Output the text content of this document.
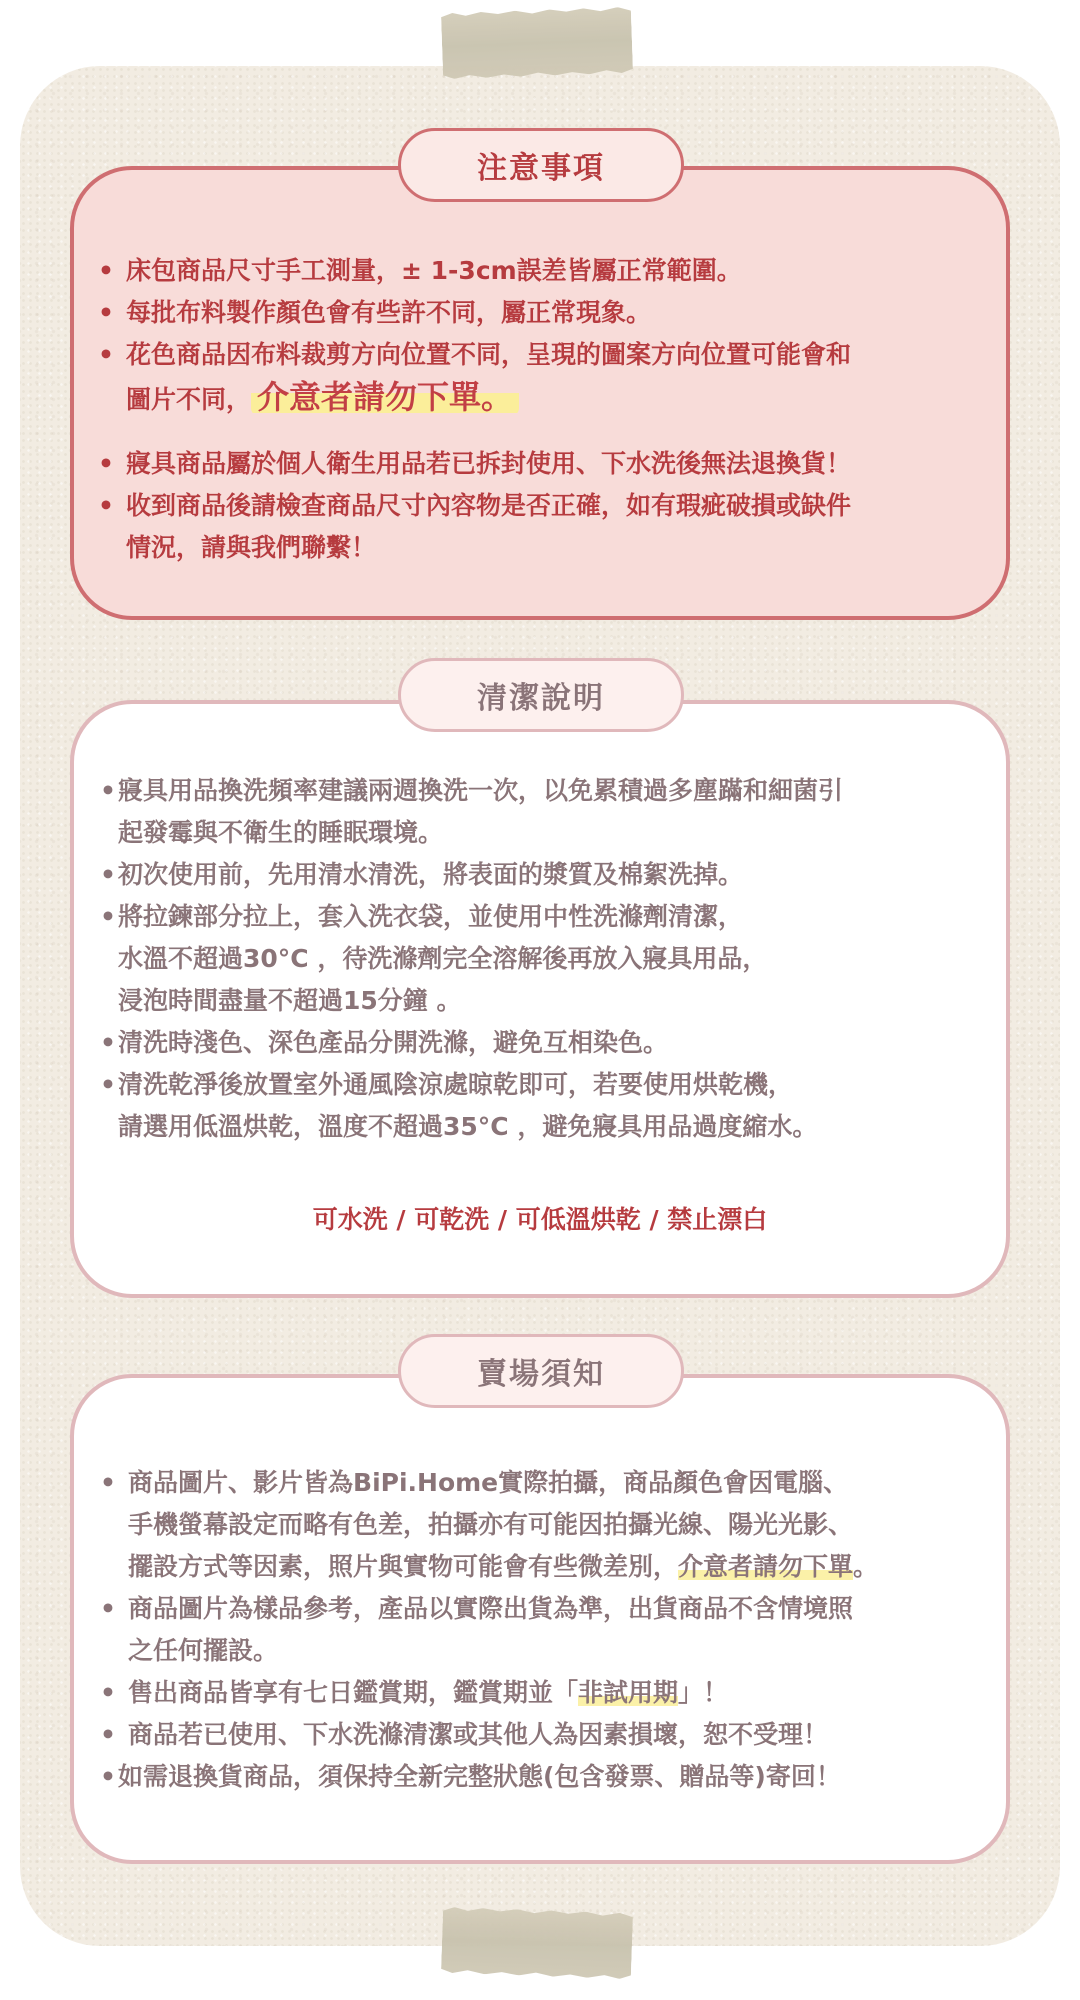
注意事項
• 床包商品尺寸手工測量，± 1-3cm誤差皆屬正常範圍。
• 每批布料製作顏色會有些許不同，屬正常現象。
• 花色商品因布料裁剪方向位置不同，呈現的圖案方向位置可能會和
圖片不同， 介意者請勿下單。
• 寢具商品屬於個人衛生用品若已拆封使用、下水洗後無法退換貨！
• 收到商品後請檢查商品尺寸內容物是否正確，如有瑕疵破損或缺件
情況，請與我們聯繫！
清潔說明
• 寢具用品換洗頻率建議兩週換洗一次，以免累積過多塵蹣和細菌引
起發霉與不衛生的睡眠環境。
• 初次使用前，先用清水清洗，將表面的漿質及棉絮洗掉。
• 將拉鍊部分拉上，套入洗衣袋，並使用中性洗滌劑清潔，
水溫不超過30°C ，待洗滌劑完全溶解後再放入寢具用品，
浸泡時間盡量不超過15分鐘 。
• 清洗時淺色、深色產品分開洗滌，避免互相染色。
• 清洗乾淨後放置室外通風陰涼處晾乾即可，若要使用烘乾機，
請選用低溫烘乾，溫度不超過35°C ，避免寢具用品過度縮水。
可水洗 / 可乾洗 / 可低溫烘乾 / 禁止漂白
賣場須知
• 商品圖片、影片皆為BiPi.Home實際拍攝，商品顏色會因電腦、
手機螢幕設定而略有色差，拍攝亦有可能因拍攝光線、陽光光影、
擺設方式等因素，照片與實物可能會有些微差別，介意者請勿下單。
• 商品圖片為樣品參考，產品以實際出貨為準，出貨商品不含情境照
之任何擺設。
• 售出商品皆享有七日鑑賞期，鑑賞期並「非試用期」！
• 商品若已使用、下水洗滌清潔或其他人為因素損壞，恕不受理！
• 如需退換貨商品，須保持全新完整狀態(包含發票、贈品等)寄回！
